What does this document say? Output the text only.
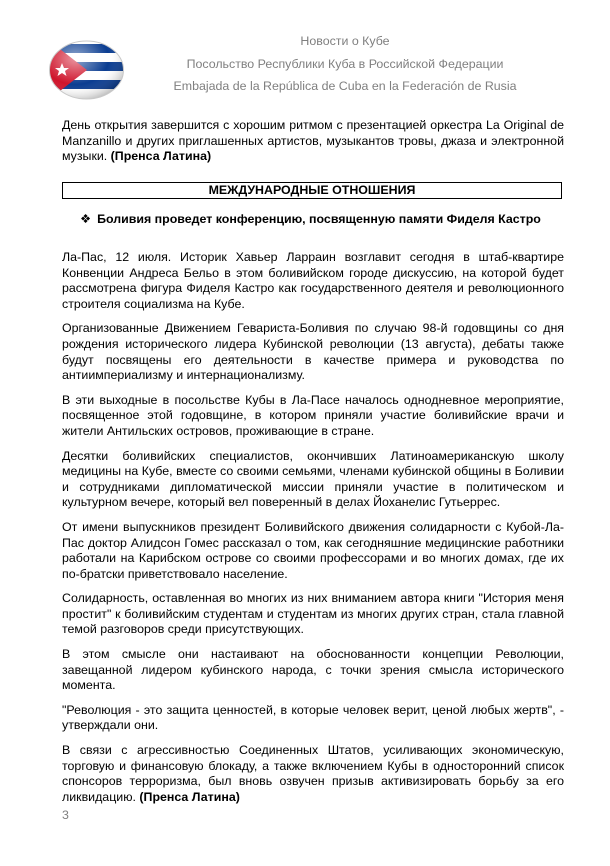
Новости о Кубе
Посольство Республики Куба в Российской Федерации
Embajada de la República de Cuba en la Federación de Rusia

День открытия завершится с хорошим ритмом с презентацией оркестра La Original de Manzanillo и других приглашенных артистов, музыкантов тровы, джаза и электронной музыки. (Пренса Латина)

МЕЖДУНАРОДНЫЕ ОТНОШЕНИЯ
❖ Боливия проведет конференцию, посвященную памяти Фиделя Кастро

Ла-Пас, 12 июля. Историк Хавьер Ларраин возглавит сегодня в штаб-квартире Конвенции Андреса Бельо в этом боливийском городе дискуссию, на которой будет рассмотрена фигура Фиделя Кастро как государственного деятеля и революционного строителя социализма на Кубе.

Организованные Движением Гевариста-Боливия по случаю 98-й годовщины со дня рождения исторического лидера Кубинской революции (13 августа), дебаты также будут посвящены его деятельности в качестве примера и руководства по антиимпериализму и интернационализму.

В эти выходные в посольстве Кубы в Ла-Пасе началось однодневное мероприятие, посвященное этой годовщине, в котором приняли участие боливийские врачи и жители Антильских островов, проживающие в стране.

Десятки боливийских специалистов, окончивших Латиноамериканскую школу медицины на Кубе, вместе со своими семьями, членами кубинской общины в Боливии и сотрудниками дипломатической миссии приняли участие в политическом и культурном вечере, который вел поверенный в делах Йоханелис Гутьеррес.

От имени выпускников президент Боливийского движения солидарности с Кубой-Ла-Пас доктор Алидсон Гомес рассказал о том, как сегодняшние медицинские работники работали на Карибском острове со своими профессорами и во многих домах, где их по-братски приветствовало население.

Солидарность, оставленная во многих из них вниманием автора книги "История меня простит" к боливийским студентам и студентам из многих других стран, стала главной темой разговоров среди присутствующих.

В этом смысле они настаивают на обоснованности концепции Революции, завещанной лидером кубинского народа, с точки зрения смысла исторического момента.

"Революция - это защита ценностей, в которые человек верит, ценой любых жертв", - утверждали они.

В связи с агрессивностью Соединенных Штатов, усиливающих экономическую, торговую и финансовую блокаду, а также включением Кубы в односторонний список спонсоров терроризма, был вновь озвучен призыв активизировать борьбу за его ликвидацию. (Пренса Латина)

3
